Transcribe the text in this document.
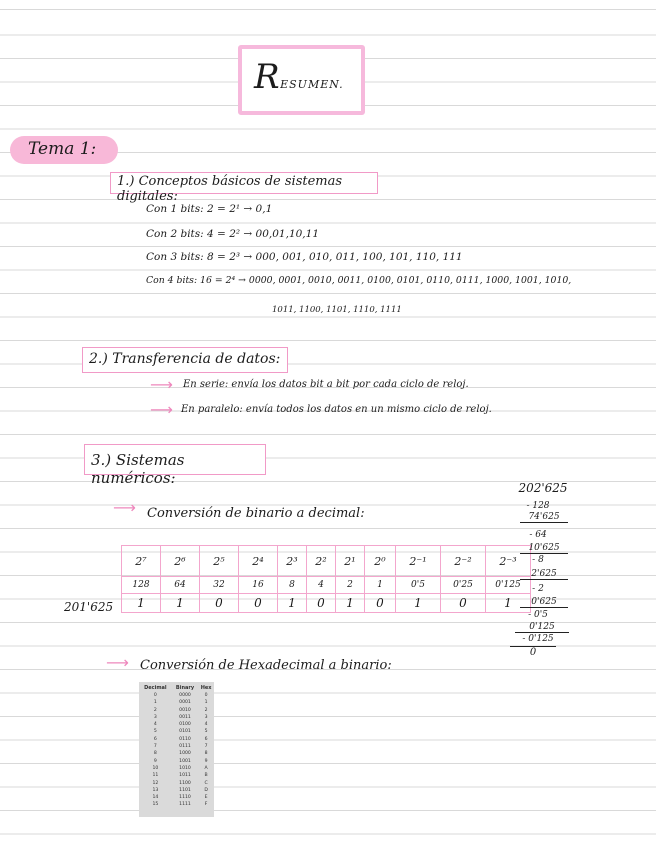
RESUMEN.
Tema 1:
1.) Conceptos básicos de sistemas digitales:
Con 1 bits: 2 = 2¹ → 0,1
Con 2 bits: 4 = 2² → 00,01,10,11
Con 3 bits: 8 = 2³ → 000, 001, 010, 011, 100, 101, 110, 111
Con 4 bits: 16 = 2⁴ → 0000, 0001, 0010, 0011, 0100, 0101, 0110, 0111, 1000, 1001, 1010,
1011, 1100, 1101, 1110, 1111
2.) Transferencia de datos:
⟶ En serie: envía los datos bit a bit por cada ciclo de reloj.
⟶ En paralelo: envía todos los datos en un mismo ciclo de reloj.
3.) Sistemas numéricos:
⟶ Conversión de binario a decimal:
201'625
2⁷	2⁶	2⁵	2⁴	2³	2²	2¹	2⁰	2⁻¹	2⁻²	2⁻³
128	64	32	16	8	4	2	1	0'5	0'25	0'125
1	1	0	0	1	0	1	0	1	0	1
202'625
- 128
74'625
- 64
10'625
- 8
2'625
- 2
0'625
- 0'5
0'125
- 0'125
0
⟶ Conversión de Hexadecimal a binario:
Decimal	Binary	Hex
0	0000	0
1	0001	1
2	0010	2
3	0011	3
4	0100	4
5	0101	5
6	0110	6
7	0111	7
8	1000	8
9	1001	9
10	1010	A
11	1011	B
12	1100	C
13	1101	D
14	1110	E
15	1111	F
